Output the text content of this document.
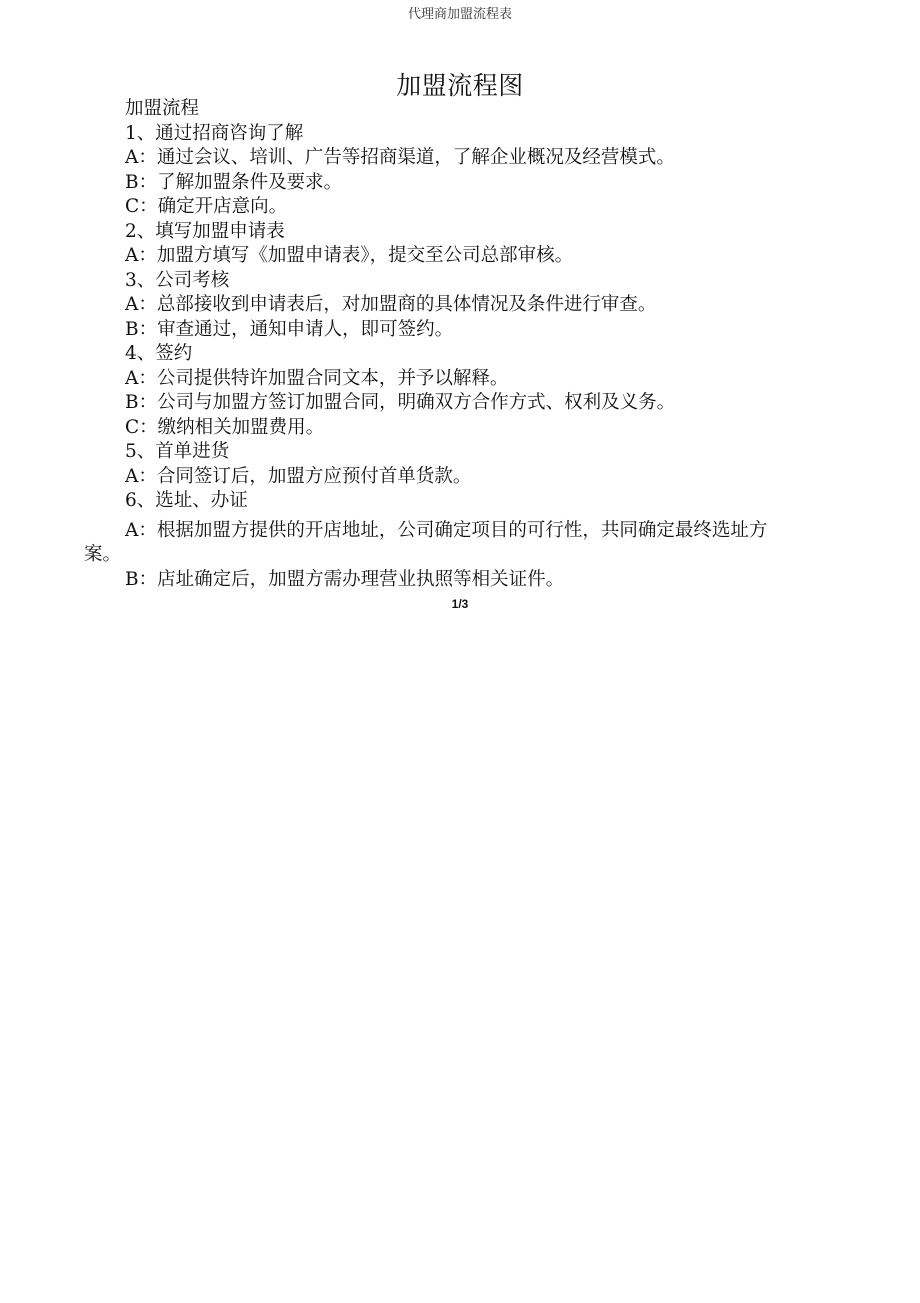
代理商加盟流程表
加盟流程图

加盟流程

1、通过招商咨询了解

A：通过会议、培训、广告等招商渠道，了解企业概况及经营模式。

B：了解加盟条件及要求。

C：确定开店意向。

2、填写加盟申请表

A：加盟方填写《加盟申请表》，提交至公司总部审核。

3、公司考核

A：总部接收到申请表后，对加盟商的具体情况及条件进行审查。

B：审查通过，通知申请人，即可签约。

4、签约

A：公司提供特许加盟合同文本，并予以解释。

B：公司与加盟方签订加盟合同，明确双方合作方式、权利及义务。

C：缴纳相关加盟费用。

5、首单进货

A：合同签订后，加盟方应预付首单货款。

6、选址、办证

A：根据加盟方提供的开店地址，公司确定项目的可行性，共同确定最终选址方案。

B：店址确定后，加盟方需办理营业执照等相关证件。

1/3
